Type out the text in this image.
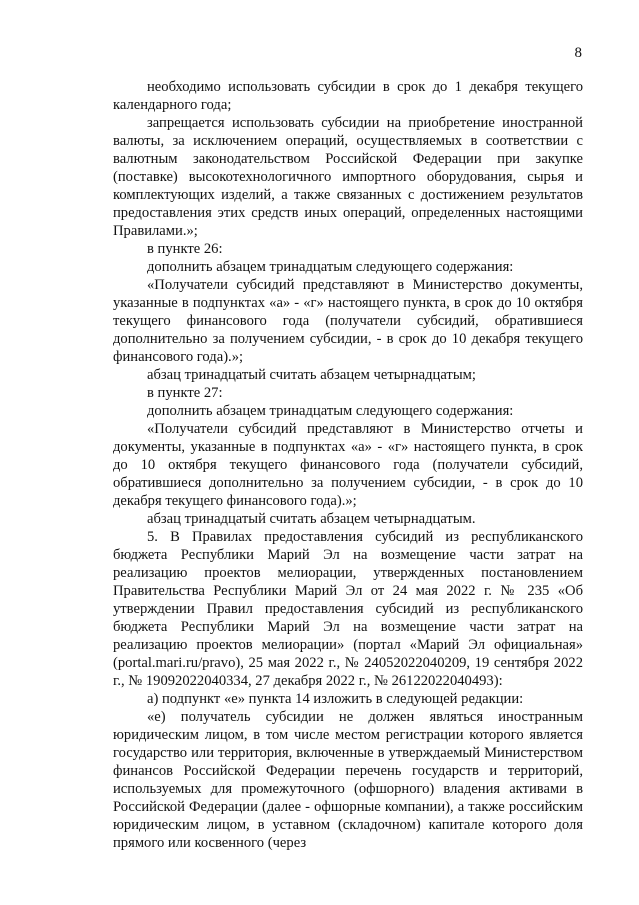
8

необходимо использовать субсидии в срок до 1 декабря текущего календарного года;

запрещается использовать субсидии на приобретение иностранной валюты, за исключением операций, осуществляемых в соответствии с валютным законодательством Российской Федерации при закупке (поставке) высокотехнологичного импортного оборудования, сырья и комплектующих изделий, а также связанных с достижением результатов предоставления этих средств иных операций, определенных настоящими Правилами.»;

в пункте 26:

дополнить абзацем тринадцатым следующего содержания:

«Получатели субсидий представляют в Министерство документы, указанные в подпунктах «а» - «г» настоящего пункта, в срок до 10 октября текущего финансового года (получатели субсидий, обратившиеся дополнительно за получением субсидии, - в срок до 10 декабря текущего финансового года).»;

абзац тринадцатый считать абзацем четырнадцатым;

в пункте 27:

дополнить абзацем тринадцатым следующего содержания:

«Получатели субсидий представляют в Министерство отчеты и документы, указанные в подпунктах «а» - «г» настоящего пункта, в срок до 10 октября текущего финансового года (получатели субсидий, обратившиеся дополнительно за получением субсидии, - в срок до 10 декабря текущего финансового года).»;

абзац тринадцатый считать абзацем четырнадцатым.

5. В Правилах предоставления субсидий из республиканского бюджета Республики Марий Эл на возмещение части затрат на реализацию проектов мелиорации, утвержденных постановлением Правительства Республики Марий Эл от 24 мая 2022 г. № 235 «Об утверждении Правил предоставления субсидий из республиканского бюджета Республики Марий Эл на возмещение части затрат на реализацию проектов мелиорации» (портал «Марий Эл официальная» (portal.mari.ru/pravo), 25 мая 2022 г., № 24052022040209, 19 сентября 2022 г., № 19092022040334, 27 декабря 2022 г., № 26122022040493):

а) подпункт «е» пункта 14 изложить в следующей редакции:

«е) получатель субсидии не должен являться иностранным юридическим лицом, в том числе местом регистрации которого является государство или территория, включенные в утверждаемый Министерством финансов Российской Федерации перечень государств и территорий, используемых для промежуточного (офшорного) владения активами в Российской Федерации (далее - офшорные компании), а также российским юридическим лицом, в уставном (складочном) капитале которого доля прямого или косвенного (через
